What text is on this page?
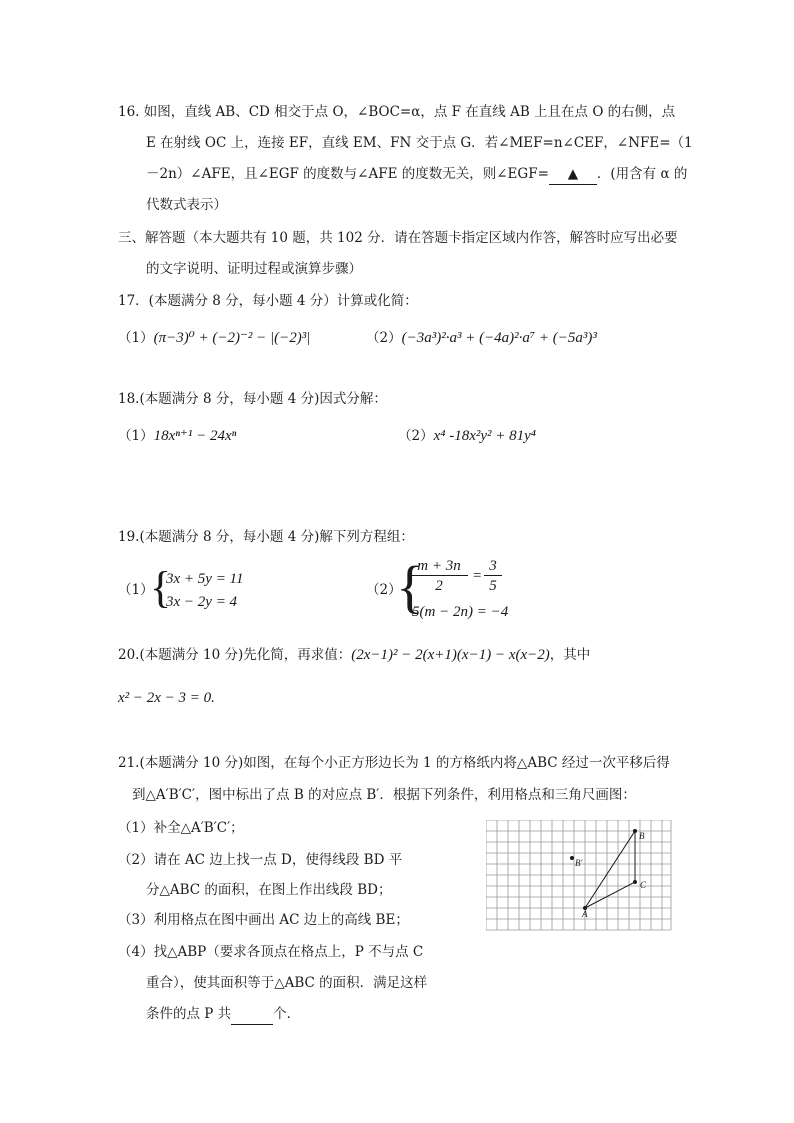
16. 如图，直线 AB、CD 相交于点 O，∠BOC=α，点 F 在直线 AB 上且在点 O 的右侧，点
E 在射线 OC 上，连接 EF，直线 EM、FN 交于点 G．若∠MEF=n∠CEF，∠NFE=（1
－2n）∠AFE，且∠EGF 的度数与∠AFE 的度数无关，则∠EGF= ▲ ．(用含有 α 的
代数式表示）
三、解答题（本大题共有 10 题，共 102 分．请在答题卡指定区域内作答，解答时应写出必要
的文字说明、证明过程或演算步骤）
17．(本题满分 8 分，每小题 4 分）计算或化简：
（1）(π−3)⁰ + (−2)⁻² − |(−2)³|	（2）(−3a³)²·a³ + (−4a)²·a⁷ + (−5a³)³
18.(本题满分 8 分，每小题 4 分)因式分解：
（1）18xⁿ⁺¹ − 24xⁿ	（2）x⁴ -18x²y² + 81y⁴
19.(本题满分 8 分，每小题 4 分)解下列方程组：
（1）
{
3x + 5y = 11
3x − 2y = 4
（2）
{
$\frac{m + 3n}{2} = \frac{3}{5}$
5(m − 2n) = −4
20.(本题满分 10 分)先化简，再求值：(2x−1)² − 2(x+1)(x−1) − x(x−2)，其中
x² − 2x − 3 = 0.
21.(本题满分 10 分)如图，在每个小正方形边长为 1 的方格纸内将△ABC 经过一次平移后得
到△A′B′C′，图中标出了点 B 的对应点 B′．根据下列条件，利用格点和三角尺画图：
（1）补全△A′B′C′；
（2）请在 AC 边上找一点 D，使得线段 BD 平
分△ABC 的面积，在图上作出线段 BD；
（3）利用格点在图中画出 AC 边上的高线 BE；
（4）找△ABP（要求各顶点在格点上，P 不与点 C
重合），使其面积等于△ABC 的面积．满足这样
条件的点 P 共	个．
A
B
C
B′
